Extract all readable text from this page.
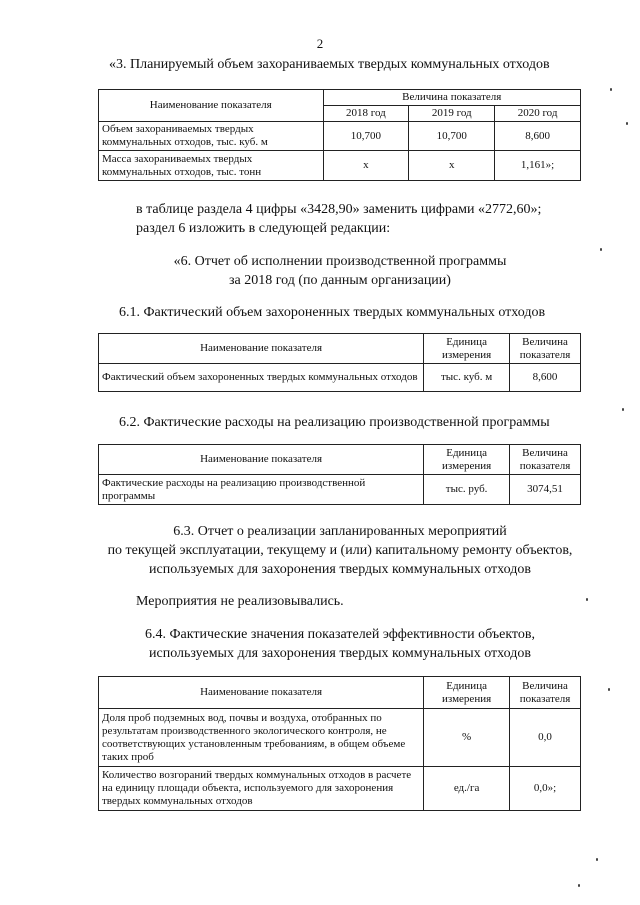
2
«3. Планируемый объем захораниваемых твердых коммунальных отходов
Наименование показателя	Величина показателя		
	2018 год	2019 год	2020 год
Объем захораниваемых твердых коммунальных отходов, тыс. куб. м	10,700	10,700	8,600
Масса захораниваемых твердых коммунальных отходов, тыс. тонн	х	х	1,161»;
в таблице раздела 4 цифры «3428,90» заменить цифрами «2772,60»;
раздел 6 изложить в следующей редакции:
«6. Отчет об исполнении производственной программы
за 2018 год (по данным организации)
6.1. Фактический объем захороненных твердых коммунальных отходов
Наименование показателя	Единица измерения	Величина показателя
Фактический объем захороненных твердых коммунальных отходов	тыс. куб. м	8,600
6.2. Фактические расходы на реализацию производственной программы
Наименование показателя	Единица измерения	Величина показателя
Фактические расходы на реализацию производственной программы	тыс. руб.	3074,51
6.3. Отчет о реализации запланированных мероприятий
по текущей эксплуатации, текущему и (или) капитальному ремонту объектов,
используемых для захоронения твердых коммунальных отходов
Мероприятия не реализовывались.
6.4. Фактические значения показателей эффективности объектов,
используемых для захоронения твердых коммунальных отходов
Наименование показателя	Единица измерения	Величина показателя
Доля проб подземных вод, почвы и воздуха, отобранных по результатам производственного экологического контроля, не соответствующих установленным требованиям, в общем объеме таких проб	%	0,0
Количество возгораний твердых коммунальных отходов в расчете на единицу площади объекта, используемого для захоронения твердых коммунальных отходов	ед./га	0,0»;
